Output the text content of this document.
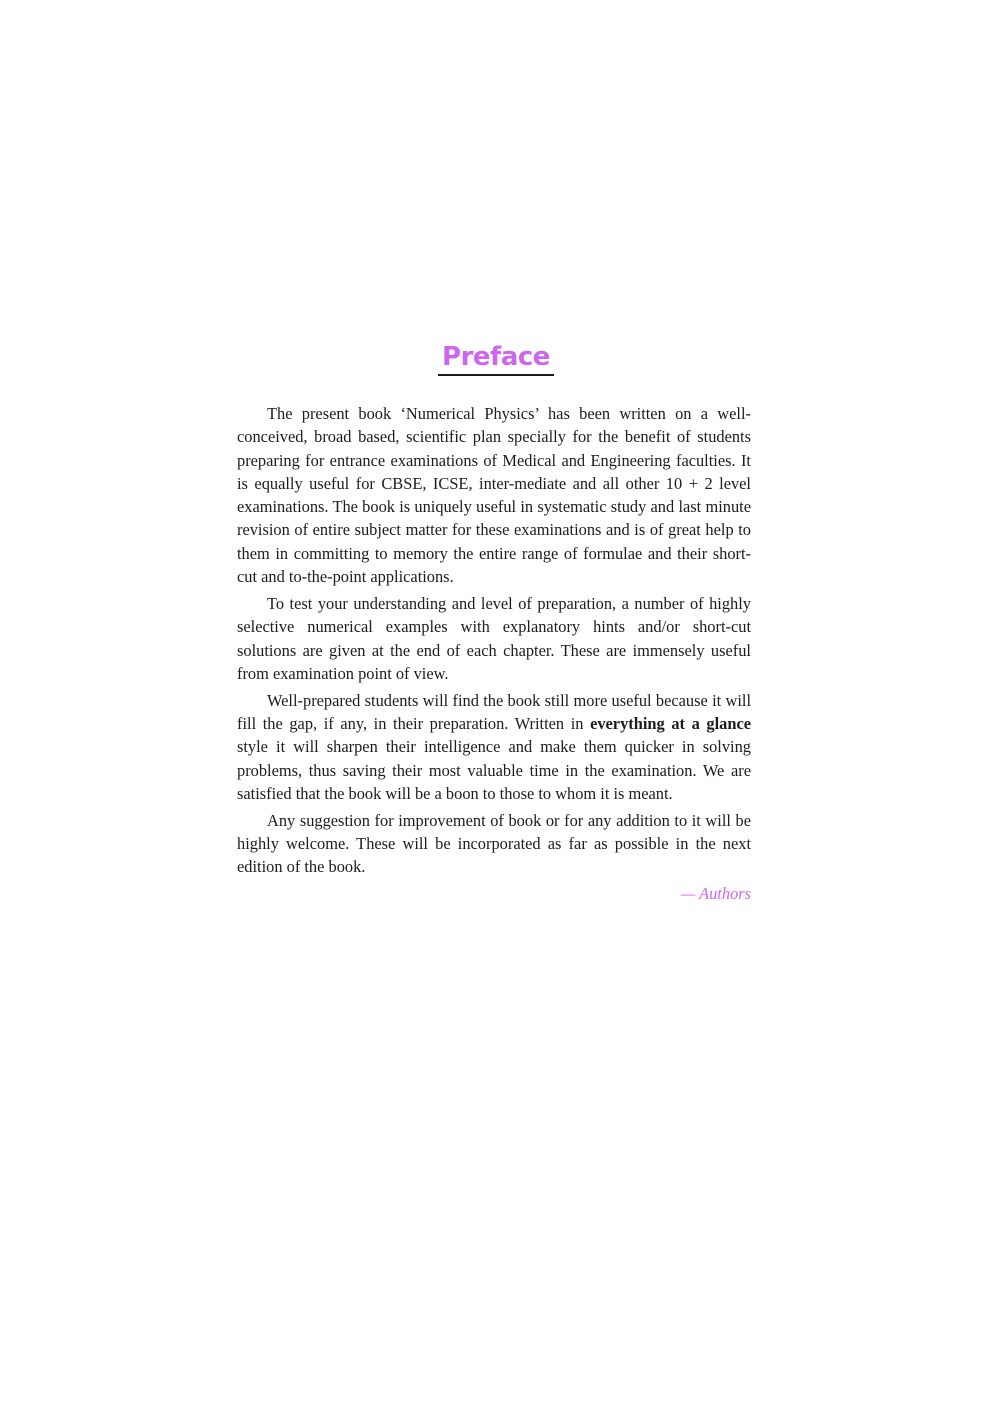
Preface

The present book ‘Numerical Physics’ has been written on a well-conceived, broad based, scientific plan specially for the benefit of students preparing for entrance examinations of Medical and Engineering faculties. It is equally useful for CBSE, ICSE, inter-mediate and all other 10 + 2 level examinations. The book is uniquely useful in systematic study and last minute revision of entire subject matter for these examinations and is of great help to them in committing to memory the entire range of formulae and their short-cut and to-the-point applications.

To test your understanding and level of preparation, a number of highly selective numerical examples with explanatory hints and/or short-cut solutions are given at the end of each chapter. These are immensely useful from examination point of view.

Well-prepared students will find the book still more useful because it will fill the gap, if any, in their preparation. Written in everything at a glance style it will sharpen their intelligence and make them quicker in solving problems, thus saving their most valuable time in the examination. We are satisfied that the book will be a boon to those to whom it is meant.

Any suggestion for improvement of book or for any addition to it will be highly welcome. These will be incorporated as far as possible in the next edition of the book.

— Authors
